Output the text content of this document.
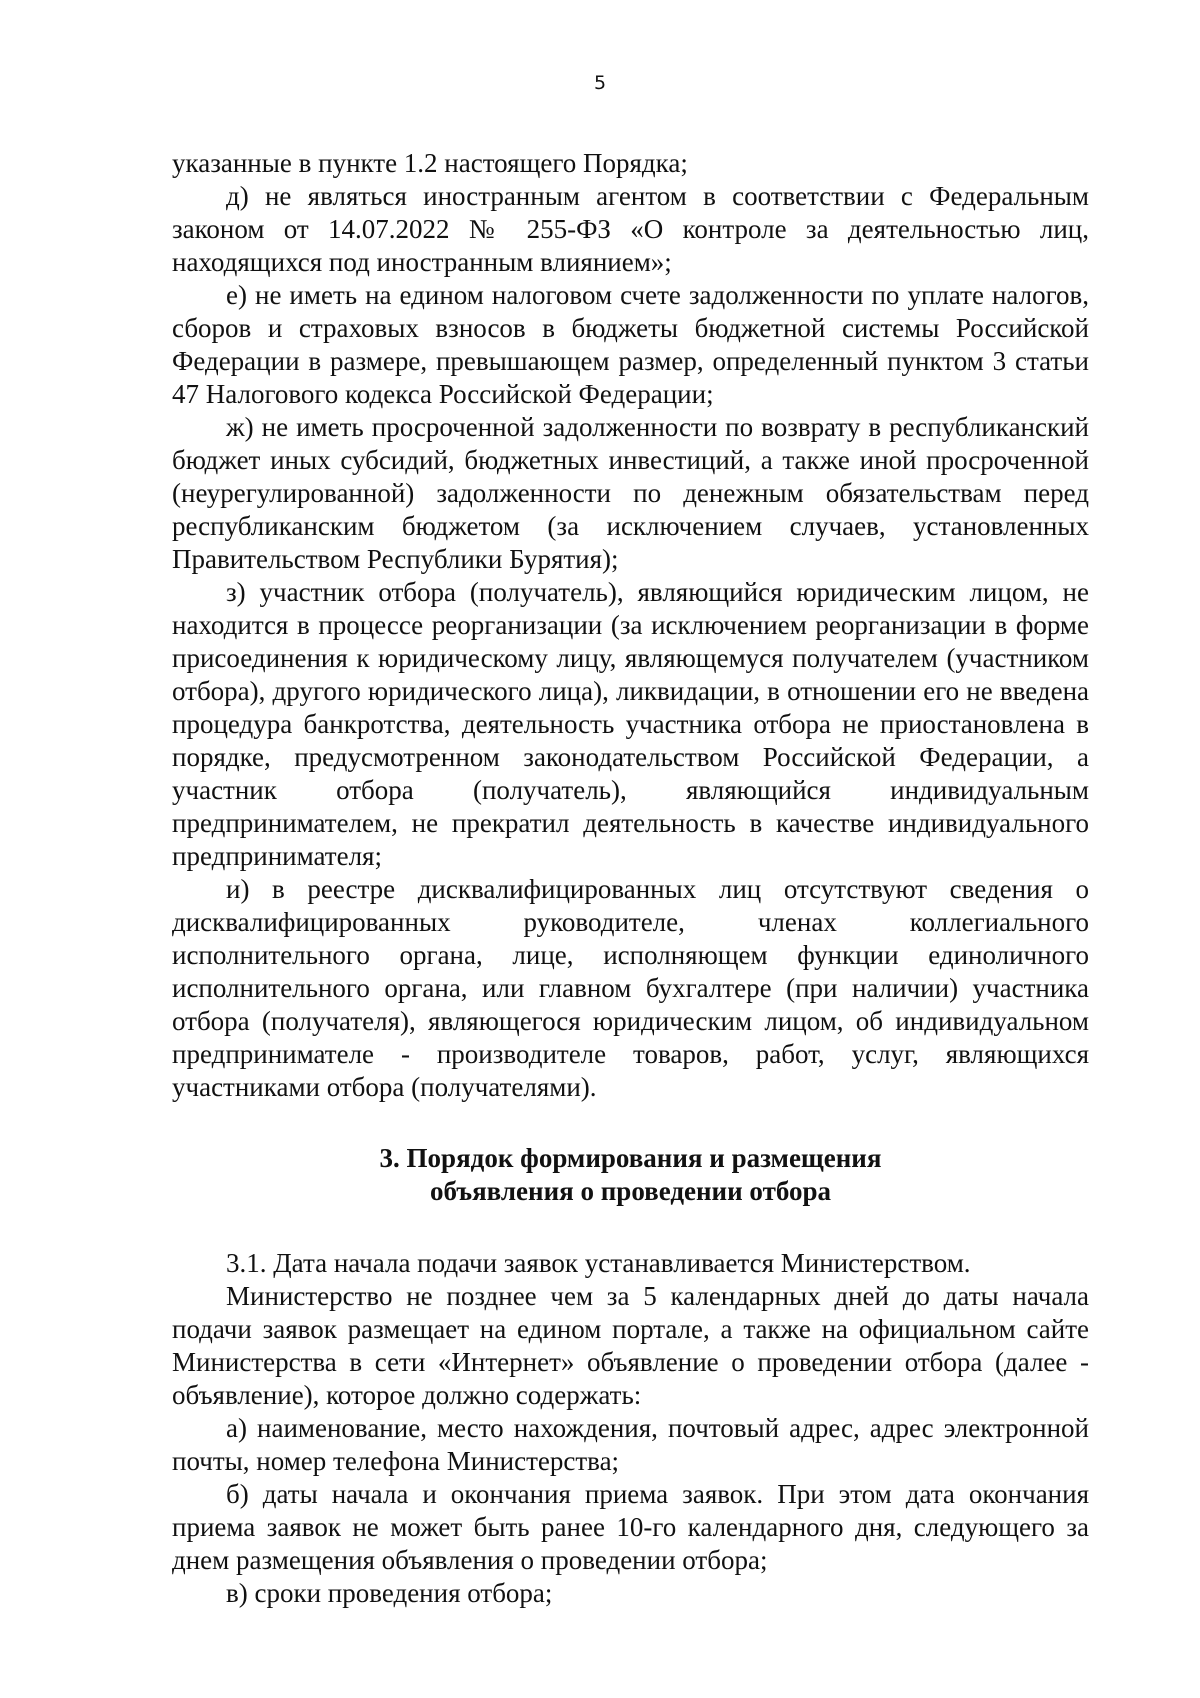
5

указанные в пункте 1.2 настоящего Порядка;

д) не являться иностранным агентом в соответствии с Федеральным законом от 14.07.2022 № 255-ФЗ «О контроле за деятельностью лиц, находящихся под иностранным влиянием»;

е) не иметь на едином налоговом счете задолженности по уплате налогов, сборов и страховых взносов в бюджеты бюджетной системы Российской Федерации в размере, превышающем размер, определенный пунктом 3 статьи 47 Налогового кодекса Российской Федерации;

ж) не иметь просроченной задолженности по возврату в республиканский бюджет иных субсидий, бюджетных инвестиций, а также иной просроченной (неурегулированной) задолженности по денежным обязательствам перед республиканским бюджетом (за исключением случаев, установленных Правительством Республики Бурятия);

з) участник отбора (получатель), являющийся юридическим лицом, не находится в процессе реорганизации (за исключением реорганизации в форме присоединения к юридическому лицу, являющемуся получателем (участником отбора), другого юридического лица), ликвидации, в отношении его не введена процедура банкротства, деятельность участника отбора не приостановлена в порядке, предусмотренном законодательством Российской Федерации, а участник отбора (получатель), являющийся индивидуальным предпринимателем, не прекратил деятельность в качестве индивидуального предпринимателя;

и) в реестре дисквалифицированных лиц отсутствуют сведения о дисквалифицированных руководителе, членах коллегиального исполнительного органа, лице, исполняющем функции единоличного исполнительного органа, или главном бухгалтере (при наличии) участника отбора (получателя), являющегося юридическим лицом, об индивидуальном предпринимателе - производителе товаров, работ, услуг, являющихся участниками отбора (получателями).

3. Порядок формирования и размещения
объявления о проведении отбора

3.1. Дата начала подачи заявок устанавливается Министерством.

Министерство не позднее чем за 5 календарных дней до даты начала подачи заявок размещает на едином портале, а также на официальном сайте Министерства в сети «Интернет» объявление о проведении отбора (далее - объявление), которое должно содержать:

а) наименование, место нахождения, почтовый адрес, адрес электронной почты, номер телефона Министерства;

б) даты начала и окончания приема заявок. При этом дата окончания приема заявок не может быть ранее 10-го календарного дня, следующего за днем размещения объявления о проведении отбора;

в) сроки проведения отбора;
